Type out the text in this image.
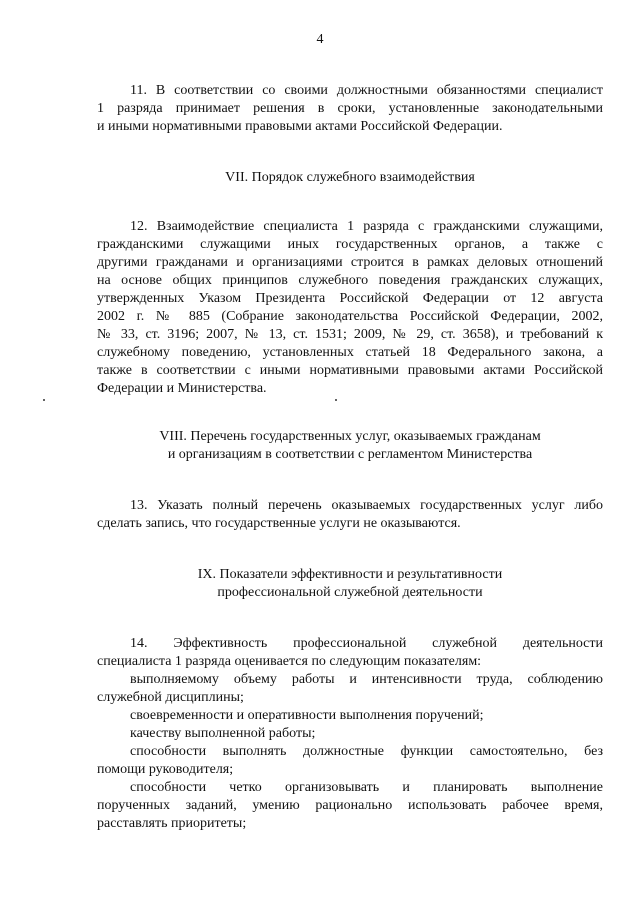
4

11. В соответствии со своими должностными обязанностями специалист

1 разряда принимает решения в сроки, установленные законодательными

и иными нормативными правовыми актами Российской Федерации.

VII. Порядок служебного взаимодействия

12. Взаимодействие специалиста 1 разряда с гражданскими служащими,

гражданскими служащими иных государственных органов, а также с

другими гражданами и организациями строится в рамках деловых отношений

на основе общих принципов служебного поведения гражданских служащих,

утвержденных Указом Президента Российской Федерации от 12 августа

2002 г. № 885 (Собрание законодательства Российской Федерации, 2002,

№ 33, ст. 3196; 2007, № 13, ст. 1531; 2009, № 29, ст. 3658), и требований к

служебному поведению, установленных статьей 18 Федерального закона, а

также в соответствии с иными нормативными правовыми актами Российской

Федерации и Министерства.

VIII. Перечень государственных услуг, оказываемых гражданам
и организациям в соответствии с регламентом Министерства

13. Указать полный перечень оказываемых государственных услуг либо

сделать запись, что государственные услуги не оказываются.

IX. Показатели эффективности и результативности
профессиональной служебной деятельности

14. Эффективность профессиональной служебной деятельности

специалиста 1 разряда оценивается по следующим показателям:

выполняемому объему работы и интенсивности труда, соблюдению

служебной дисциплины;

своевременности и оперативности выполнения поручений;

качеству выполненной работы;

способности выполнять должностные функции самостоятельно, без

помощи руководителя;

способности четко организовывать и планировать выполнение

порученных заданий, умению рационально использовать рабочее время,

расставлять приоритеты;
